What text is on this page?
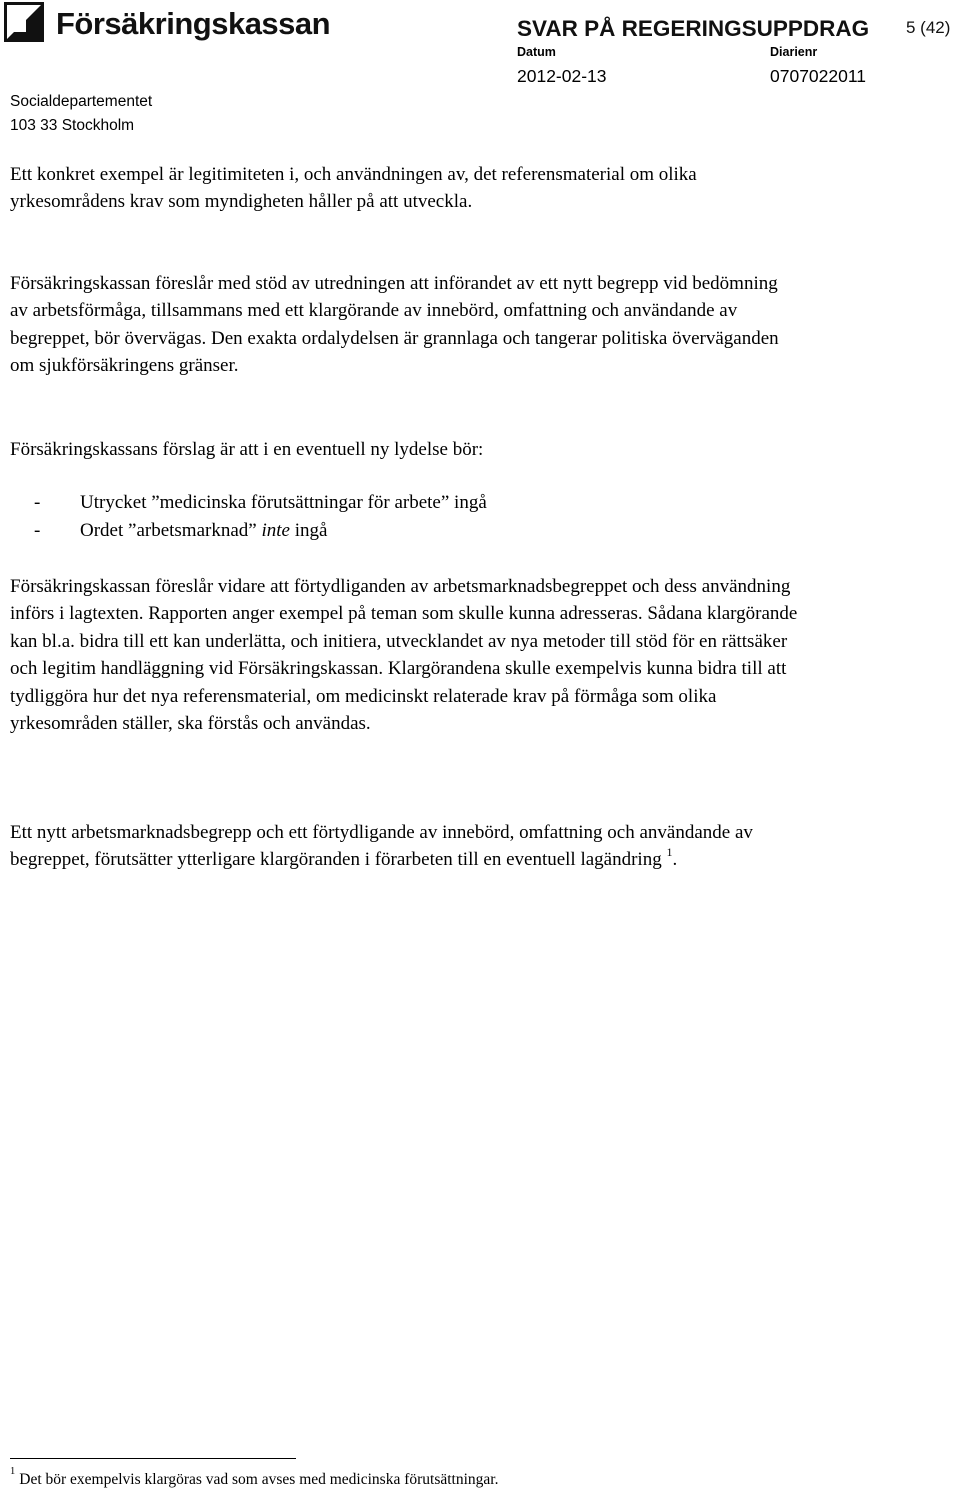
Försäkringskassan	SVAR PÅ REGERINGSUPPDRAG 5 (42)
Datum
2012-02-13
Diarienr
0707022011
Socialdepartementet
103 33 Stockholm

Ett konkret exempel är legitimiteten i, och användningen av, det referensmaterial om olika yrkesområdens krav som myndigheten håller på att utveckla.

Försäkringskassan föreslår med stöd av utredningen att införandet av ett nytt begrepp vid bedömning av arbetsförmåga, tillsammans med ett klargörande av innebörd, omfattning och användande av begreppet, bör övervägas. Den exakta ordalydelsen är grannlaga och tangerar politiska överväganden om sjukförsäkringens gränser.

Försäkringskassans förslag är att i en eventuell ny lydelse bör:

- Utrycket ”medicinska förutsättningar för arbete” ingå
- Ordet ”arbetsmarknad” inte ingå

Försäkringskassan föreslår vidare att förtydliganden av arbetsmarknadsbegreppet och dess användning införs i lagtexten. Rapporten anger exempel på teman som skulle kunna adresseras. Sådana klargörande kan bl.a. bidra till ett kan underlätta, och initiera, utvecklandet av nya metoder till stöd för en rättsäker och legitim handläggning vid Försäkringskassan. Klargörandena skulle exempelvis kunna bidra till att tydliggöra hur det nya referensmaterial, om medicinskt relaterade krav på förmåga som olika yrkesområden ställer, ska förstås och användas.

Ett nytt arbetsmarknadsbegrepp och ett förtydligande av innebörd, omfattning och användande av begreppet, förutsätter ytterligare klargöranden i förarbeten till en eventuell lagändring $^1$.

$^1$ Det bör exempelvis klargöras vad som avses med medicinska förutsättningar.
